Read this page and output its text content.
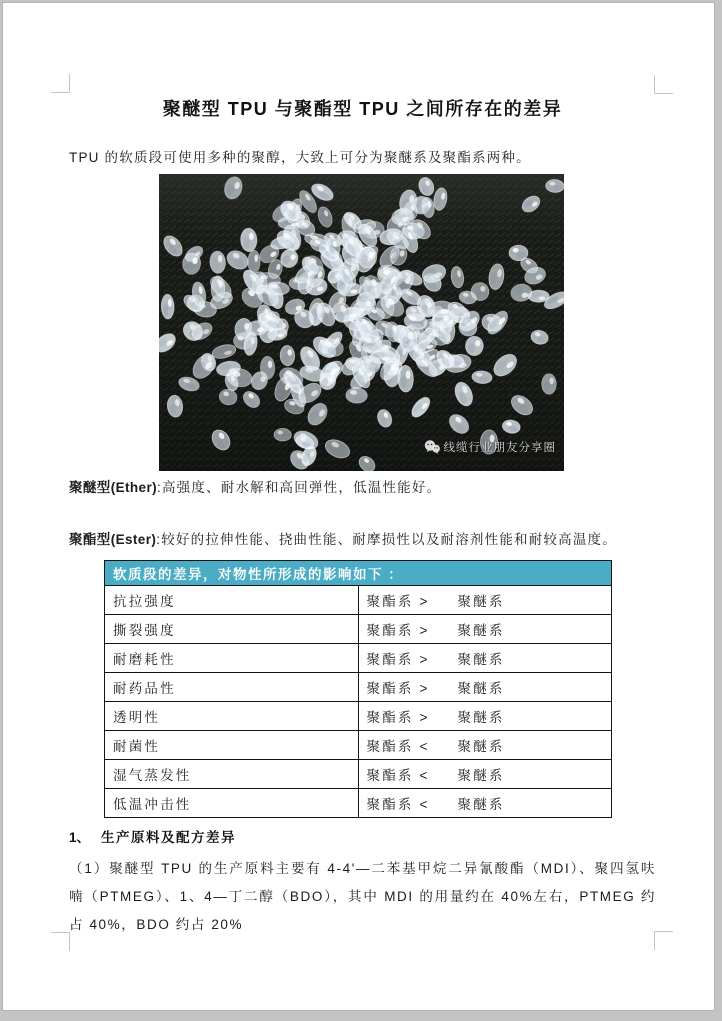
聚醚型 TPU 与聚酯型 TPU 之间所存在的差异

TPU 的软质段可使用多种的聚醇，大致上可分为聚醚系及聚酯系两种。

线缆行业朋友分享圈

聚醚型(Ether):高强度、耐水解和高回弹性，低温性能好。

聚酯型(Ester):较好的拉伸性能、挠曲性能、耐摩损性以及耐溶剂性能和耐较高温度。

软质段的差异，对物性所形成的影响如下 ：	
抗拉强度	聚酯系 > 聚醚系
撕裂强度	聚酯系 > 聚醚系
耐磨耗性	聚酯系 > 聚醚系
耐药品性	聚酯系 > 聚醚系
透明性	聚酯系 > 聚醚系
耐菌性	聚酯系 < 聚醚系
湿气蒸发性	聚酯系 < 聚醚系
低温冲击性	聚酯系 < 聚醚系

1、 生产原料及配方差异

（1）聚醚型 TPU 的生产原料主要有 4-4'—二苯基甲烷二异氰酸酯（MDI）、聚四氢呋喃（PTMEG）、1、4—丁二醇（BDO），其中 MDI 的用量约在 40%左右，PTMEG 约占 40%，BDO 约占 20%
